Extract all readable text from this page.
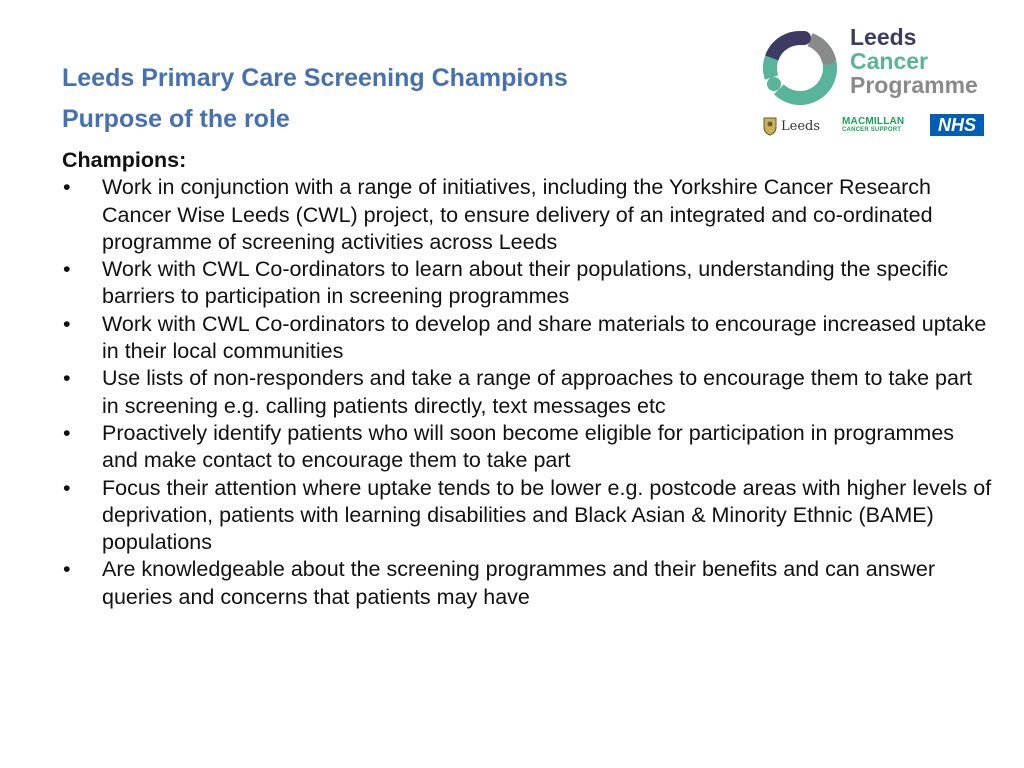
Leeds Primary Care Screening Champions
Purpose of the role
Leeds
Cancer
Programme
Leeds MACMILLAN
CANCER SUPPORT	NHS
Champions:
•	Work in conjunction with a range of initiatives, including the Yorkshire Cancer Research Cancer Wise Leeds (CWL) project, to ensure delivery of an integrated and co-ordinated programme of screening activities across Leeds
•	Work with CWL Co-ordinators to learn about their populations, understanding the specific barriers to participation in screening programmes
•	Work with CWL Co-ordinators to develop and share materials to encourage increased uptake in their local communities
•	Use lists of non-responders and take a range of approaches to encourage them to take part in screening e.g. calling patients directly, text messages etc
•	Proactively identify patients who will soon become eligible for participation in programmes and make contact to encourage them to take part
•	Focus their attention where uptake tends to be lower e.g. postcode areas with higher levels of deprivation, patients with learning disabilities and Black Asian & Minority Ethnic (BAME) populations
•	Are knowledgeable about the screening programmes and their benefits and can answer queries and concerns that patients may have
